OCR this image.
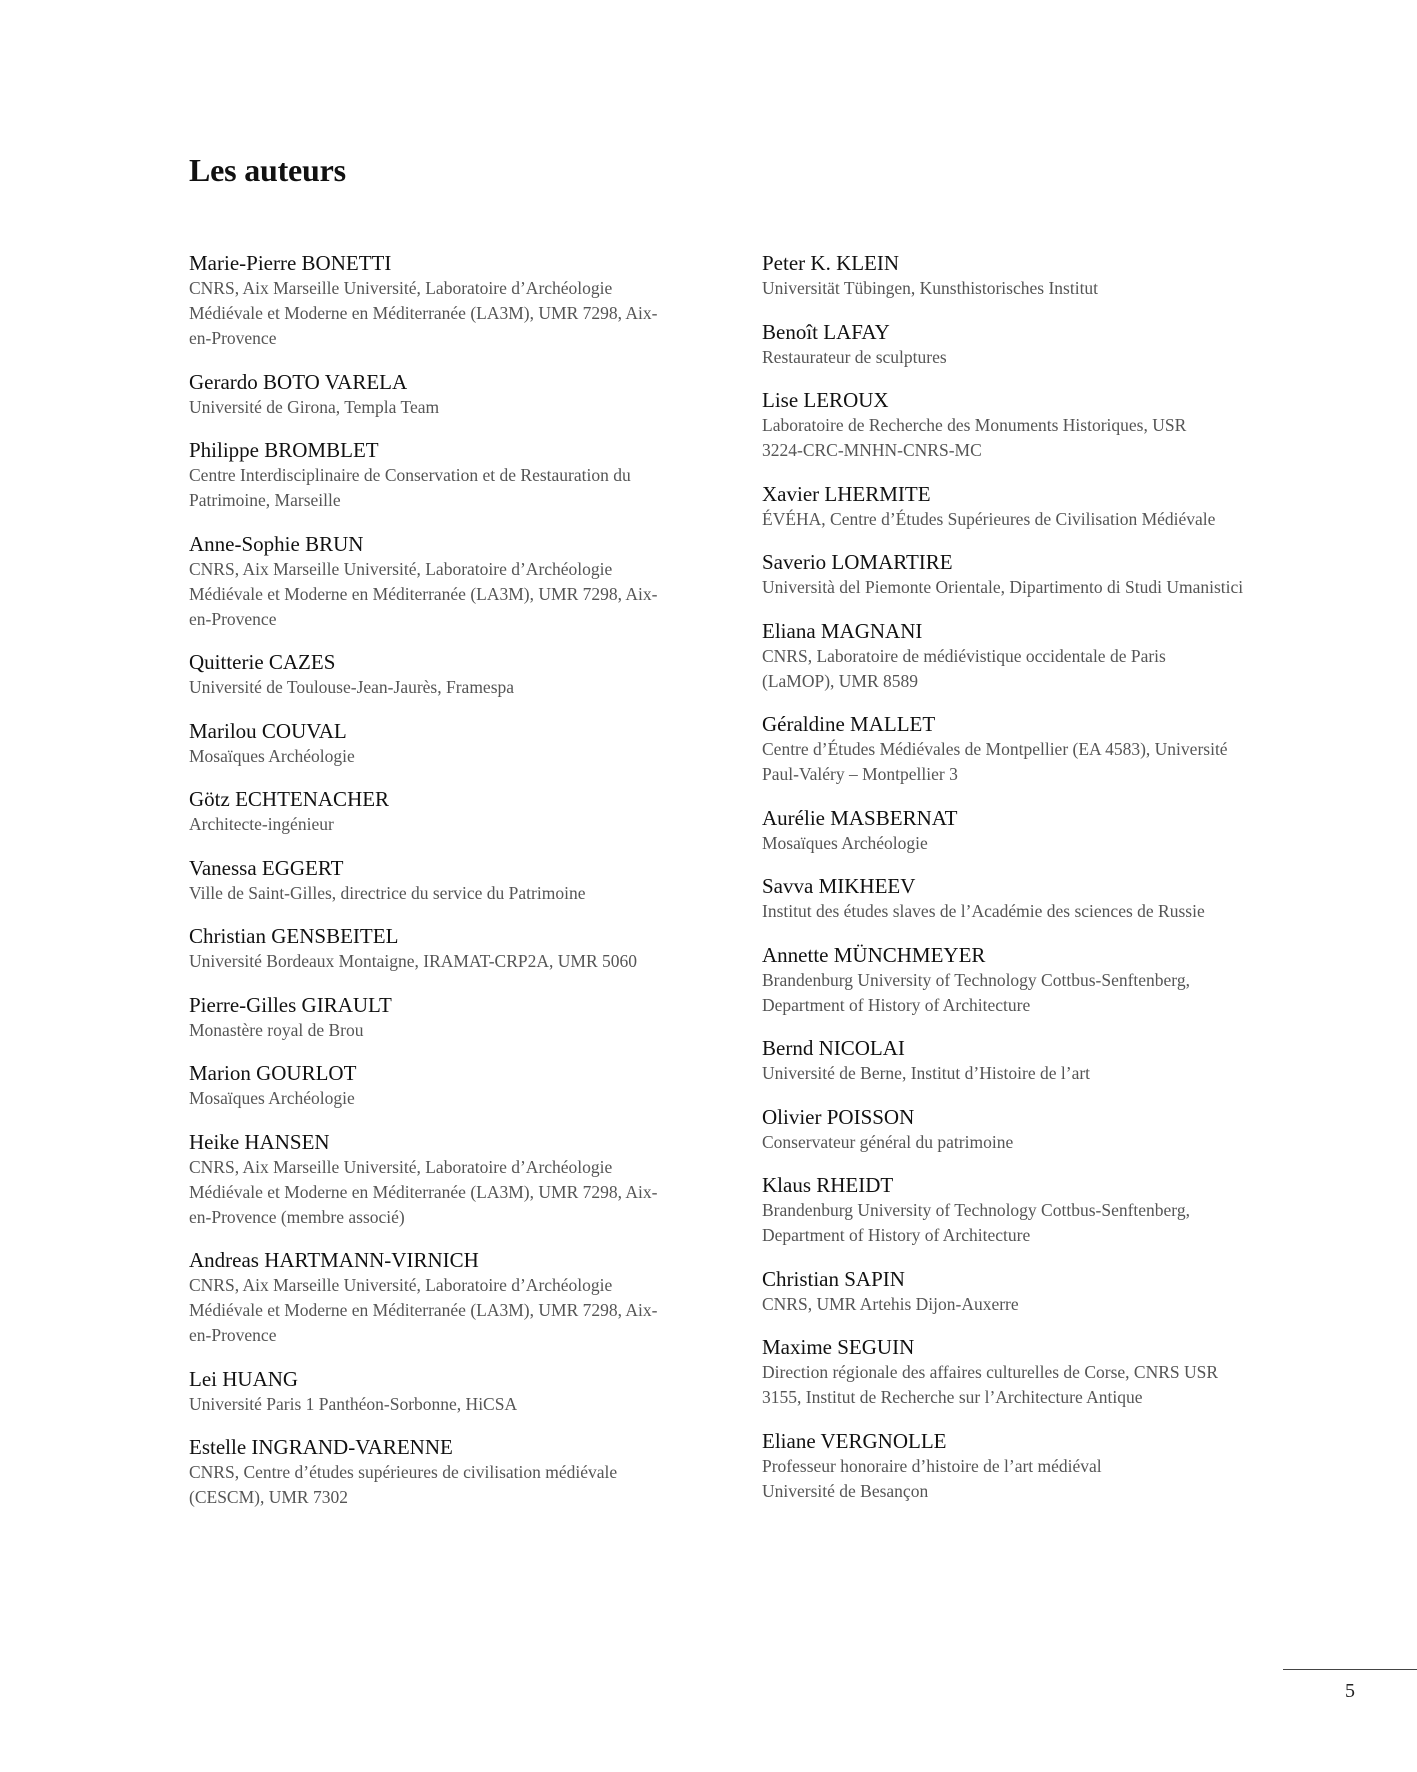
Les auteurs
Marie-Pierre BONETTI
CNRS, Aix Marseille Université, Laboratoire d’Archéologie
Médiévale et Moderne en Méditerranée (LA3M), UMR 7298, Aix-
en-Provence
Gerardo BOTO VARELA
Université de Girona, Templa Team
Philippe BROMBLET
Centre Interdisciplinaire de Conservation et de Restauration du
Patrimoine, Marseille
Anne-Sophie BRUN
CNRS, Aix Marseille Université, Laboratoire d’Archéologie
Médiévale et Moderne en Méditerranée (LA3M), UMR 7298, Aix-
en-Provence
Quitterie CAZES
Université de Toulouse-Jean-Jaurès, Framespa
Marilou COUVAL
Mosaïques Archéologie
Götz ECHTENACHER
Architecte-ingénieur
Vanessa EGGERT
Ville de Saint-Gilles, directrice du service du Patrimoine
Christian GENSBEITEL
Université Bordeaux Montaigne, IRAMAT-CRP2A, UMR 5060
Pierre-Gilles GIRAULT
Monastère royal de Brou
Marion GOURLOT
Mosaïques Archéologie
Heike HANSEN
CNRS, Aix Marseille Université, Laboratoire d’Archéologie
Médiévale et Moderne en Méditerranée (LA3M), UMR 7298, Aix-
en-Provence (membre associé)
Andreas HARTMANN-VIRNICH
CNRS, Aix Marseille Université, Laboratoire d’Archéologie
Médiévale et Moderne en Méditerranée (LA3M), UMR 7298, Aix-
en-Provence
Lei HUANG
Université Paris 1 Panthéon-Sorbonne, HiCSA
Estelle INGRAND-VARENNE
CNRS, Centre d’études supérieures de civilisation médiévale
(CESCM), UMR 7302
Peter K. KLEIN
Universität Tübingen, Kunsthistorisches Institut
Benoît LAFAY
Restaurateur de sculptures
Lise LEROUX
Laboratoire de Recherche des Monuments Historiques, USR
3224-CRC-MNHN-CNRS-MC
Xavier LHERMITE
ÉVÉHA, Centre d’Études Supérieures de Civilisation Médiévale
Saverio LOMARTIRE
Università del Piemonte Orientale, Dipartimento di Studi Umanistici
Eliana MAGNANI
CNRS, Laboratoire de médiévistique occidentale de Paris
(LaMOP), UMR 8589
Géraldine MALLET
Centre d’Études Médiévales de Montpellier (EA 4583), Université
Paul-Valéry – Montpellier 3
Aurélie MASBERNAT
Mosaïques Archéologie
Savva MIKHEEV
Institut des études slaves de l’Académie des sciences de Russie
Annette MÜNCHMEYER
Brandenburg University of Technology Cottbus-Senftenberg,
Department of History of Architecture
Bernd NICOLAI
Université de Berne, Institut d’Histoire de l’art
Olivier POISSON
Conservateur général du patrimoine
Klaus RHEIDT
Brandenburg University of Technology Cottbus-Senftenberg,
Department of History of Architecture
Christian SAPIN
CNRS, UMR Artehis Dijon-Auxerre
Maxime SEGUIN
Direction régionale des affaires culturelles de Corse, CNRS USR
3155, Institut de Recherche sur l’Architecture Antique
Eliane VERGNOLLE
Professeur honoraire d’histoire de l’art médiéval
Université de Besançon
5
